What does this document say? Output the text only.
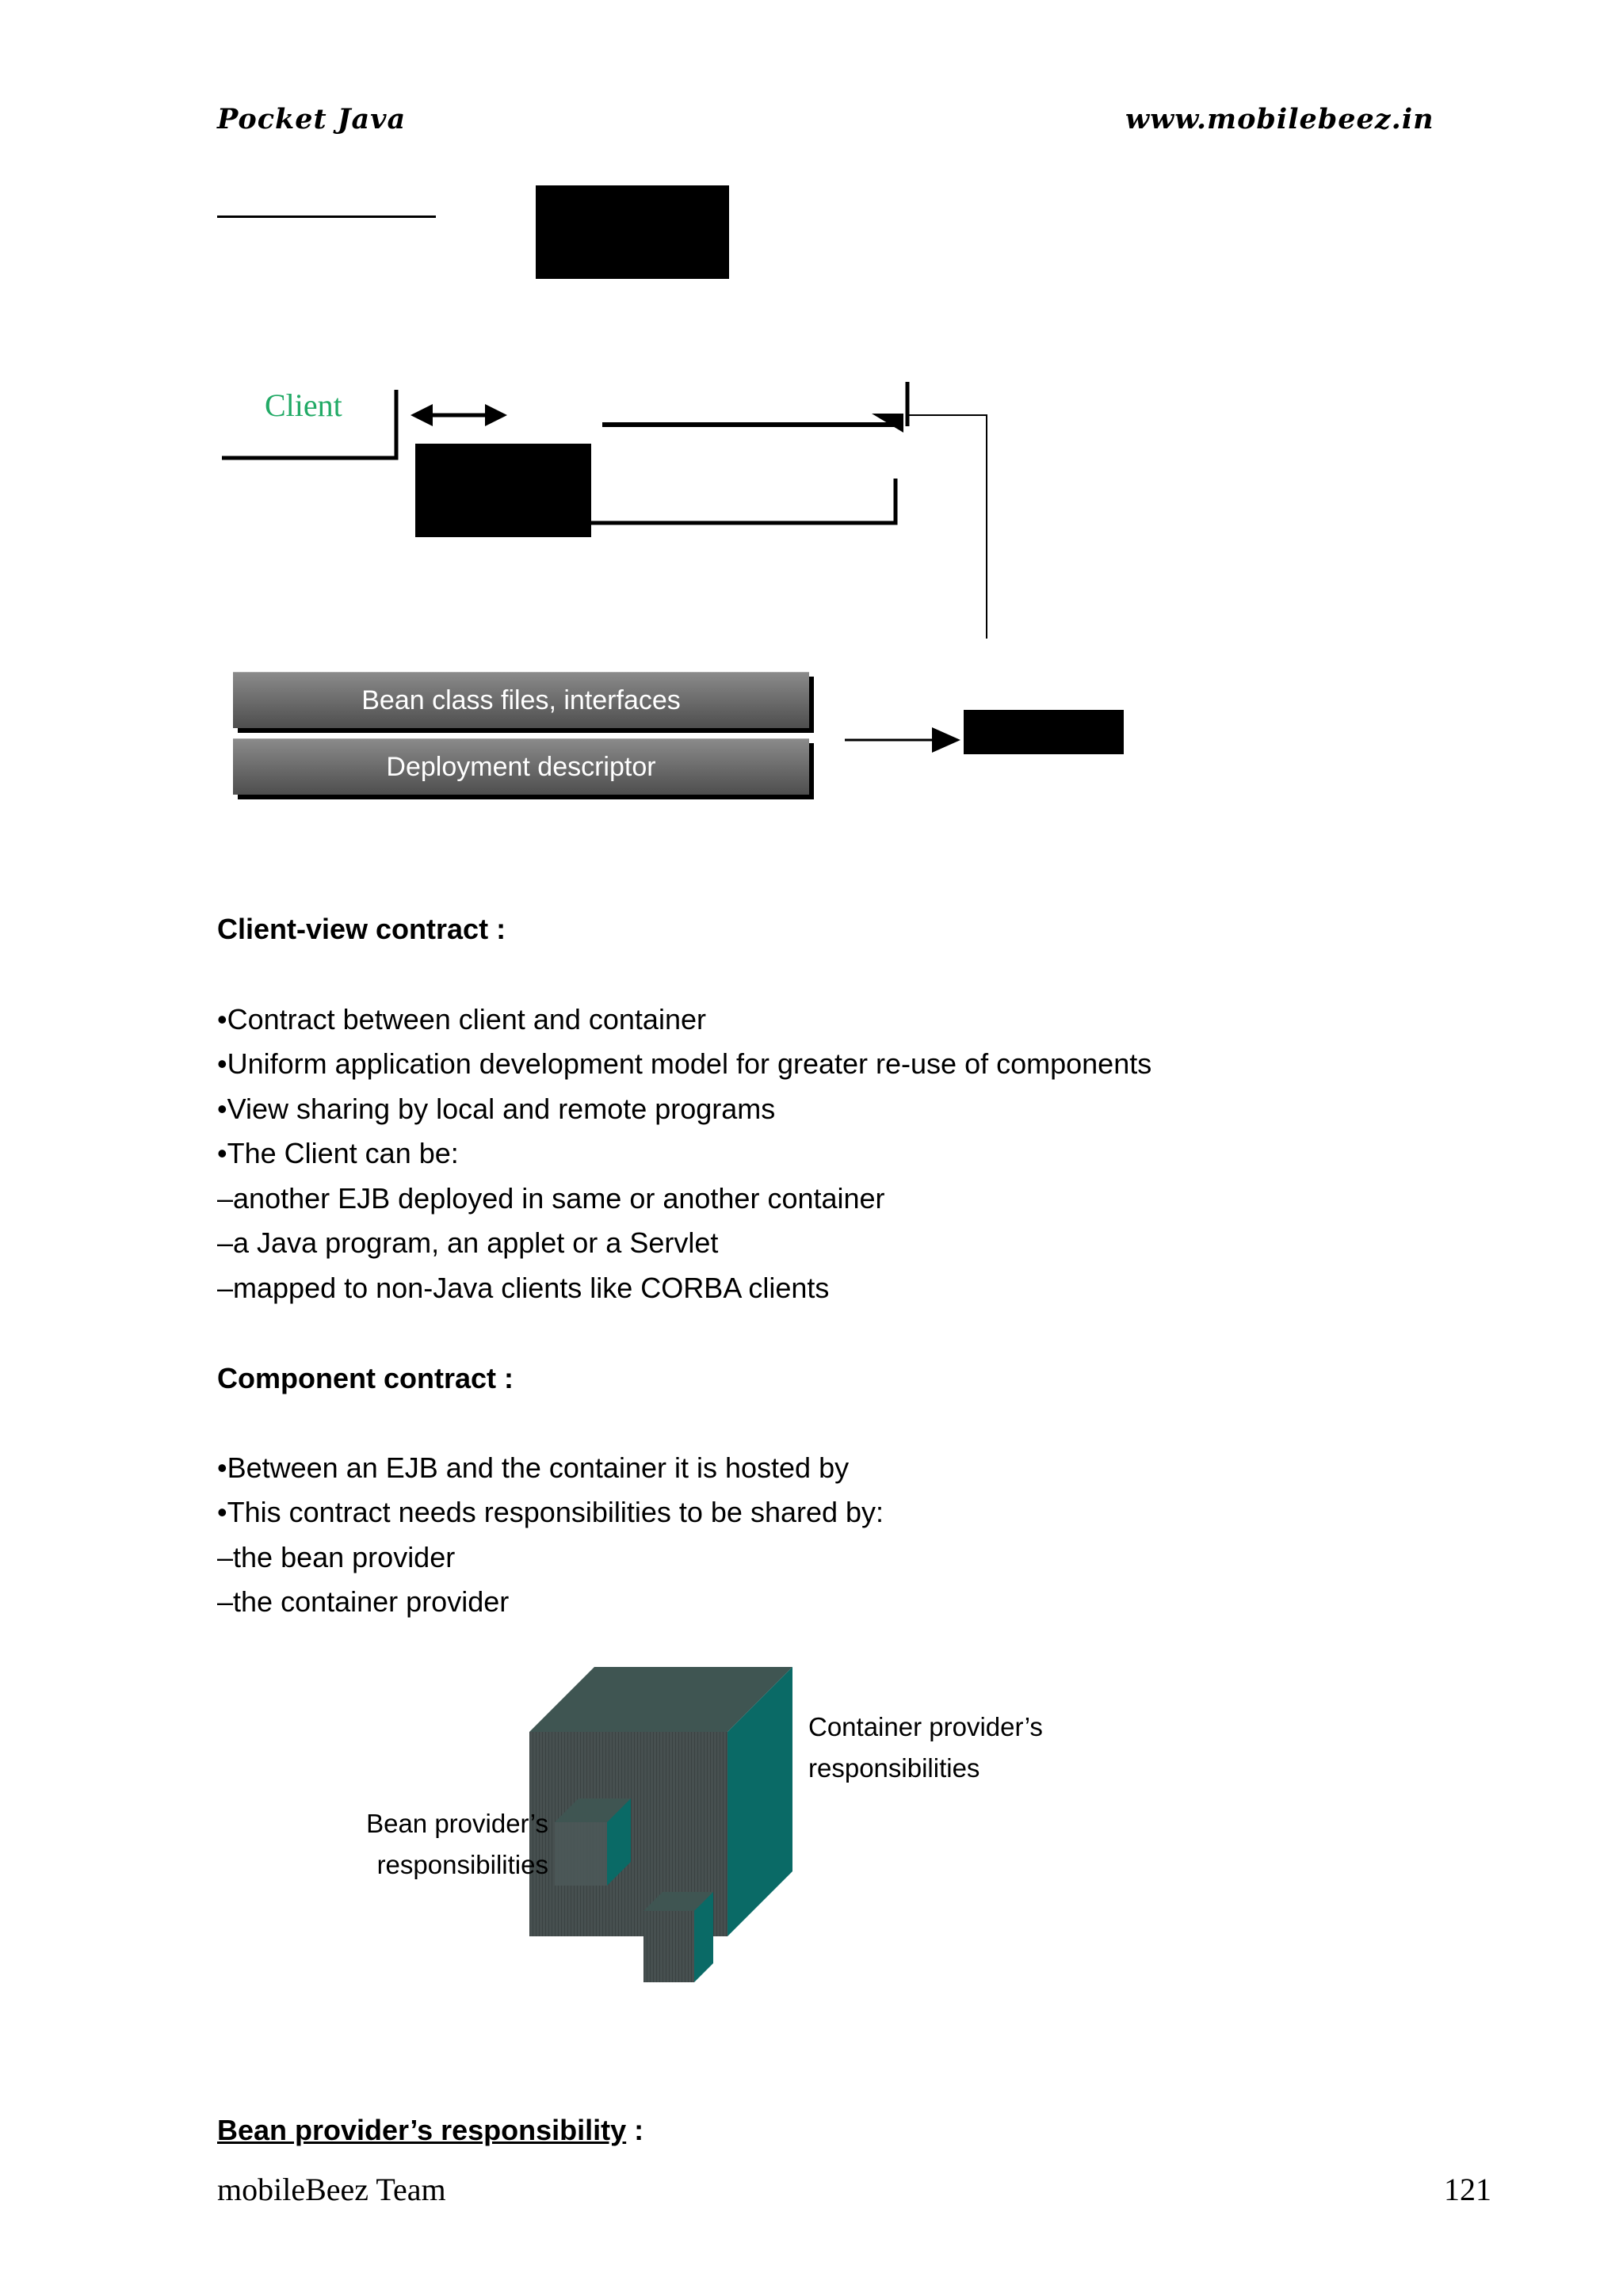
Pocket Java	www.mobilebeez.in
Client
Bean class files, interfaces
Deployment descriptor
Client-view contract :
•Contract between client and container
•Uniform application development model for greater re-use of components
•View sharing by local and remote programs
•The Client can be:
–another EJB deployed in same or another container
–a Java program, an applet or a Servlet
–mapped to non-Java clients like CORBA clients
Component contract :
•Between an EJB and the container it is hosted by
•This contract needs responsibilities to be shared by:
–the bean provider
–the container provider
Container provider’s
responsibilities
Bean provider’s
responsibilities
Bean provider’s responsibility :
mobileBeez Team	121
